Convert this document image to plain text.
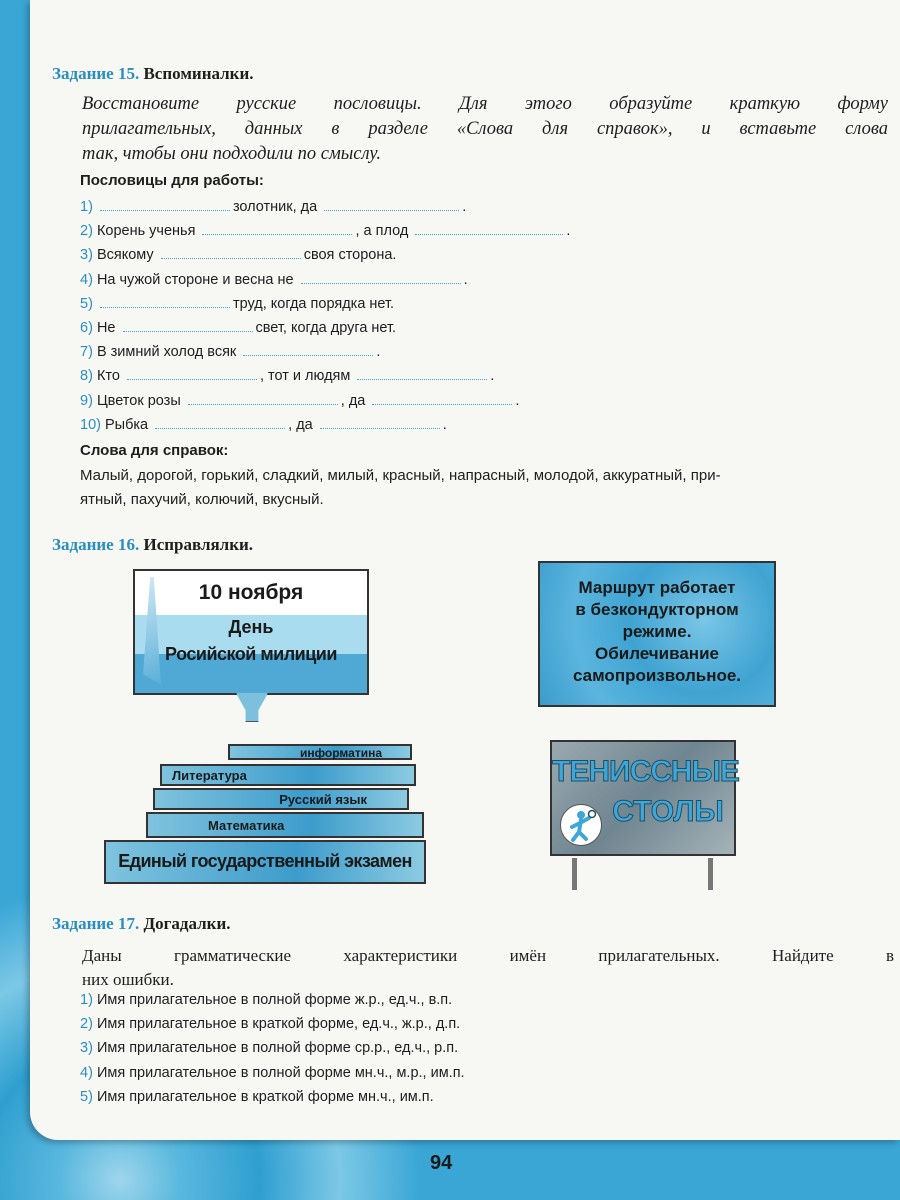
Задание 15. Вспоминалки.
Восстановите русские пословицы. Для этого образуйте краткую форму
прилагательных, данных в разделе «Слова для справок», и вставьте слова
так, чтобы они подходили по смыслу.
Пословицы для работы:
1)	золотник, да	.
2) Корень ученья	, а плод	.
3) Всякому	своя сторона.
4) На чужой стороне и весна не	.
5)	труд, когда порядка нет.
6) Не	свет, когда друга нет.
7) В зимний холод всяк	.
8) Кто	, тот и людям	.
9) Цветок розы	, да	.
10) Рыбка	, да	.
Слова для справок:
Малый, дорогой, горький, сладкий, милый, красный, напрасный, молодой, аккуратный, при-
ятный, пахучий, колючий, вкусный.
Задание 16. Исправлялки.
10 ноября
День
Росийской милиции
информатина
Литература
Русский язык
Математика
Единый государственный экзамен
Маршрут работает
в безкондукторном
режиме.
Обилечивание
самопроизвольное.
ТЕНИССНЫЕ
СТОЛЫ
Задание 17. Догадалки.
Даны грамматические характеристики имён прилагательных. Найдите в
них ошибки.
1) Имя прилагательное в полной форме ж.р., ед.ч., в.п.
2) Имя прилагательное в краткой форме, ед.ч., ж.р., д.п.
3) Имя прилагательное в полной форме ср.р., ед.ч., р.п.
4) Имя прилагательное в полной форме мн.ч., м.р., им.п.
5) Имя прилагательное в краткой форме мн.ч., им.п.
94
